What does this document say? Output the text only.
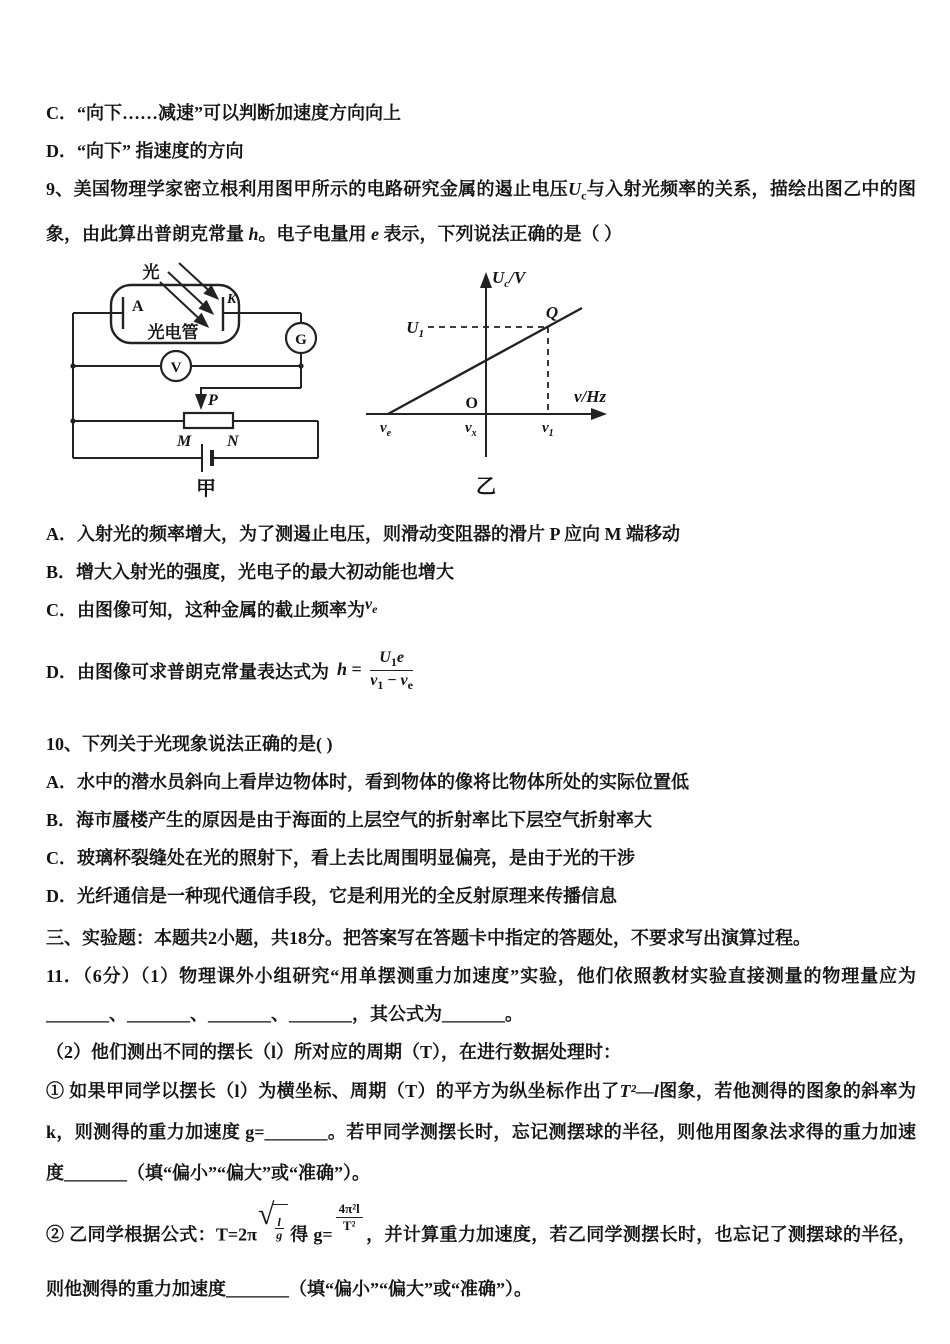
C．“向下……减速”可以判断加速度方向向上

D．“向下” 指速度的方向

9、美国物理学家密立根利用图甲所示的电路研究金属的遏止电压$U_c$与入射光频率的关系，描绘出图乙中的图象，由此算出普朗克常量 h。电子电量用 e 表示，下列说法正确的是（ ）

A	K
光电管
光
G
V
P
M N
甲
$U_c/V$
ν/Hz
O
$U_1$
Q
$\nu_e$	$\nu_x$	$\nu_1$
乙

A．入射光的频率增大，为了测遏止电压，则滑动变阻器的滑片 P 应向 M 端移动

B．增大入射光的强度，光电子的最大初动能也增大

C．由图像可知，这种金属的截止频率为$\nu_e$

D．由图像可求普朗克常量表达式为 $h = \frac{U_1e}{\nu_1 - \nu_e}$

10、下列关于光现象说法正确的是( )

A．水中的潜水员斜向上看岸边物体时，看到物体的像将比物体所处的实际位置低

B．海市蜃楼产生的原因是由于海面的上层空气的折射率比下层空气折射率大

C．玻璃杯裂缝处在光的照射下，看上去比周围明显偏亮，是由于光的干涉

D．光纤通信是一种现代通信手段，它是利用光的全反射原理来传播信息

三、实验题：本题共2小题，共18分。把答案写在答题卡中指定的答题处，不要求写出演算过程。

11．（6分）（1）物理课外小组研究“用单摆测重力加速度”实验，他们依照教材实验直接测量的物理量应为_______、_______、_______、_______，其公式为_______。

（2）他们测出不同的摆长（l）所对应的周期（T），在进行数据处理时：

① 如果甲同学以摆长（l）为横坐标、周期（T）的平方为纵坐标作出了T²—l图象，若他测得的图象的斜率为k，则测得的重力加速度 g=_______。若甲同学测摆长时，忘记测摆球的半径，则他用图象法求得的重力加速度_______（填“偏小”“偏大”或“准确”）。

② 乙同学根据公式：T=2π
√ $\frac{l}{g}$ 得 g=
$\frac{\text{4π²l}}{\text{T²}}$
，并计算重力加速度，若乙同学测摆长时，也忘记了测摆球的半径，则他测得的重力加速度_______（填“偏小”“偏大”或“准确”）。
